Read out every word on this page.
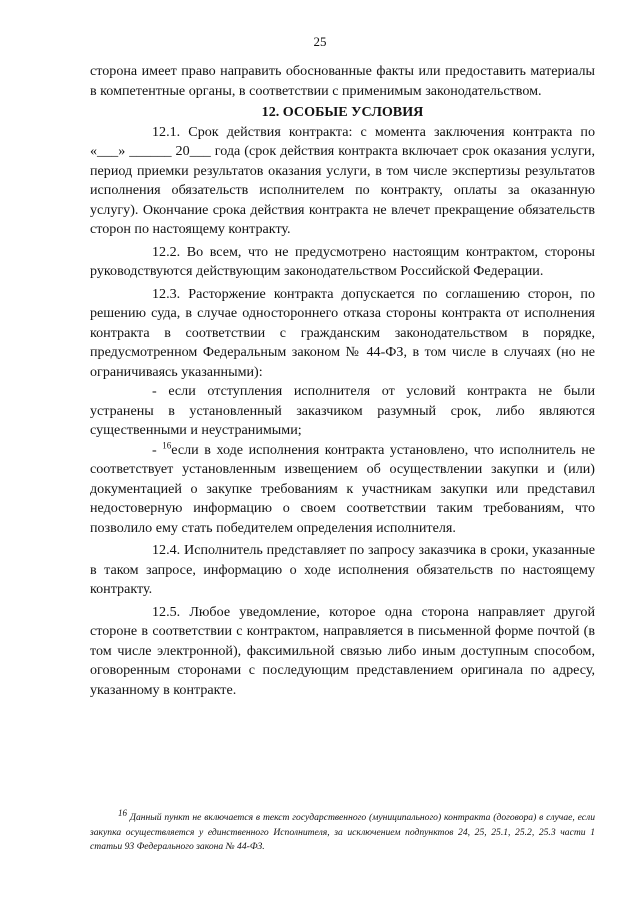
25

сторона имеет право направить обоснованные факты или предоставить материалы в компетентные органы, в соответствии с применимым законодательством.

12. ОСОБЫЕ УСЛОВИЯ

12.1. Срок действия контракта: с момента заключения контракта по «___» ______ 20___ года (срок действия контракта включает срок оказания услуги, период приемки результатов оказания услуги, в том числе экспертизы результатов исполнения обязательств исполнителем по контракту, оплаты за оказанную услугу). Окончание срока действия контракта не влечет прекращение обязательств сторон по настоящему контракту.

12.2. Во всем, что не предусмотрено настоящим контрактом, стороны руководствуются действующим законодательством Российской Федерации.

12.3. Расторжение контракта допускается по соглашению сторон, по решению суда, в случае одностороннего отказа стороны контракта от исполнения контракта в соответствии с гражданским законодательством в порядке, предусмотренном Федеральным законом № 44-ФЗ, в том числе в случаях (но не ограничиваясь указанными):

- если отступления исполнителя от условий контракта не были устранены в установленный заказчиком разумный срок, либо являются существенными и неустранимыми;

- $^{16}$если в ходе исполнения контракта установлено, что исполнитель не соответствует установленным извещением об осуществлении закупки и (или) документацией о закупке требованиям к участникам закупки или представил недостоверную информацию о своем соответствии таким требованиям, что позволило ему стать победителем определения исполнителя.

12.4. Исполнитель представляет по запросу заказчика в сроки, указанные в таком запросе, информацию о ходе исполнения обязательств по настоящему контракту.

12.5. Любое уведомление, которое одна сторона направляет другой стороне в соответствии с контрактом, направляется в письменной форме почтой (в том числе электронной), факсимильной связью либо иным доступным способом, оговоренным сторонами с последующим представлением оригинала по адресу, указанному в контракте.

$^{16}$ Данный пункт не включается в текст государственного (муниципального) контракта (договора) в случае, если закупка осуществляется у единственного Исполнителя, за исключением подпунктов 24, 25, 25.1, 25.2, 25.3 части 1 статьи 93 Федерального закона № 44-ФЗ.
